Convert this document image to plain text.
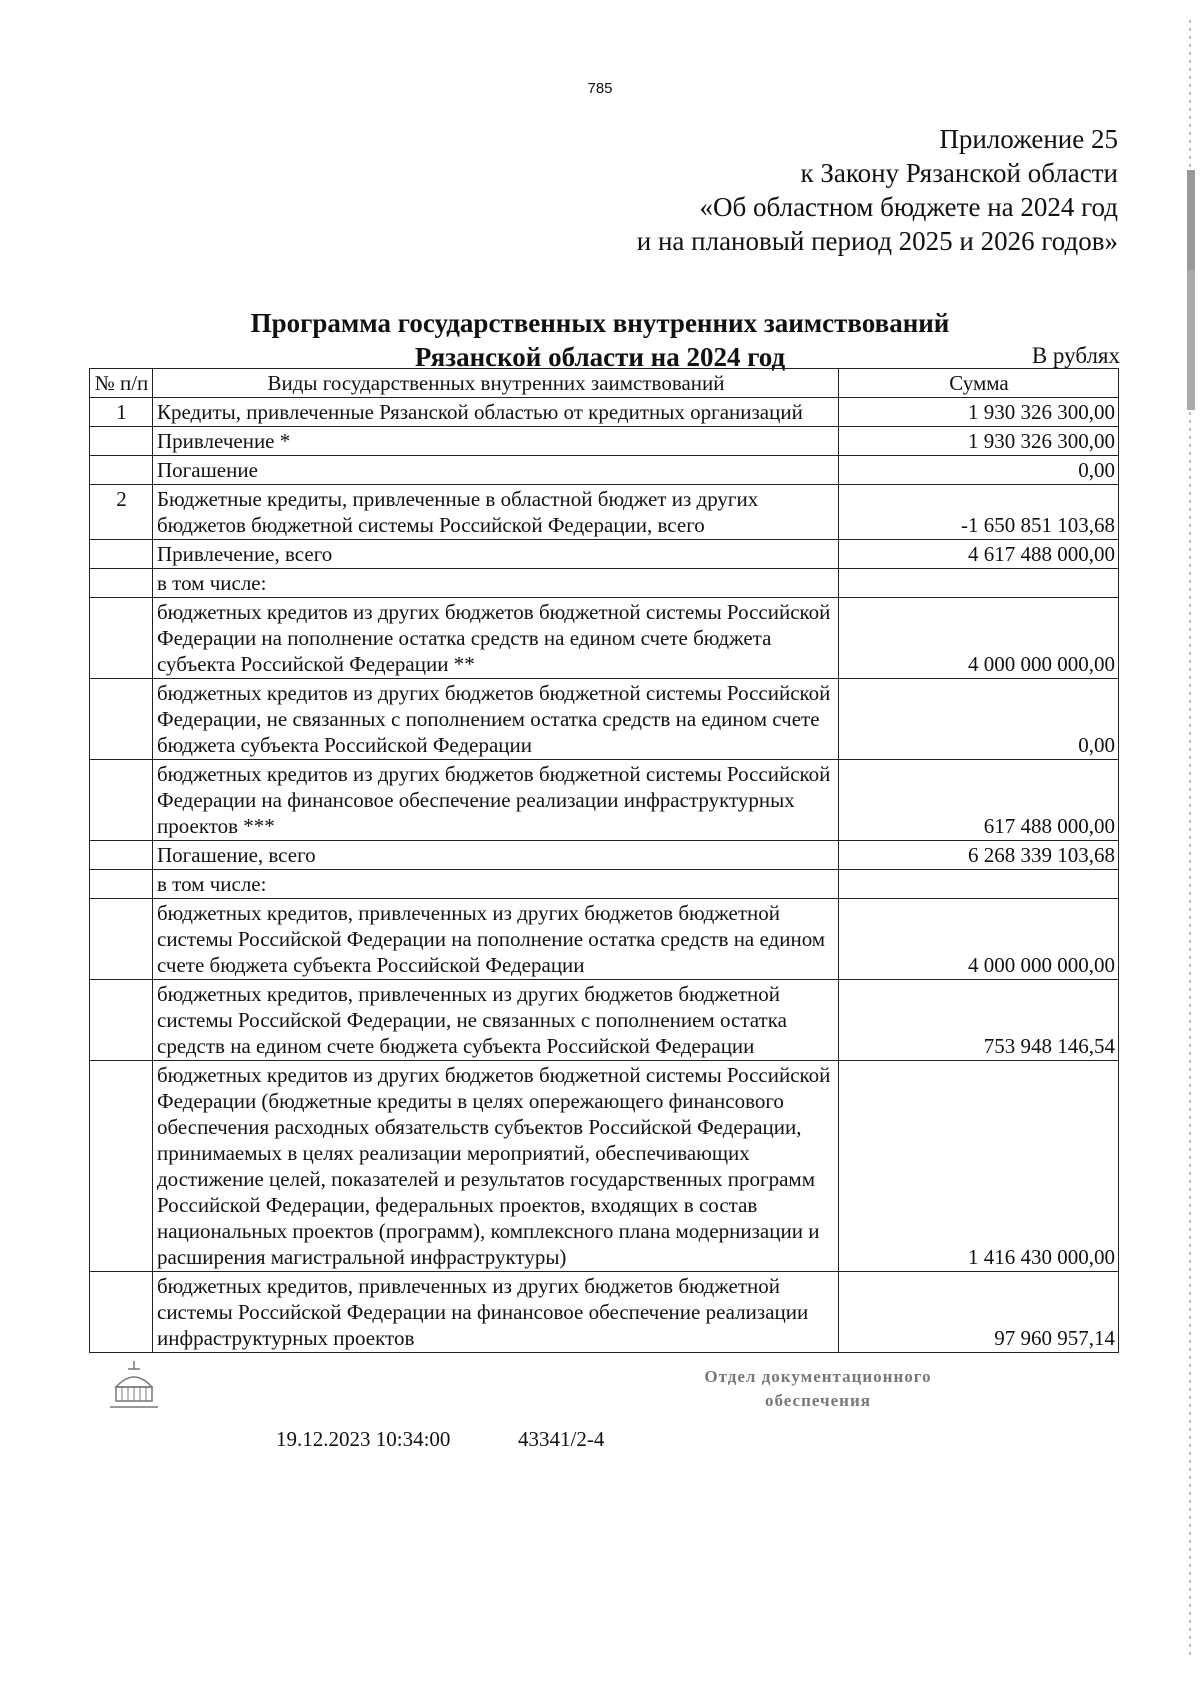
785
Приложение 25
к Закону Рязанской области
«Об областном бюджете на 2024 год
и на плановый период 2025 и 2026 годов»
Программа государственных внутренних заимствований
Рязанской области на 2024 год	В рублях
№ п/п	Виды государственных внутренних заимствований	Сумма
1	Кредиты, привлеченные Рязанской областью от кредитных организаций	1 930 326 300,00
	Привлечение *	1 930 326 300,00
	Погашение	0,00
2	Бюджетные кредиты, привлеченные в областной бюджет из других бюджетов бюджетной системы Российской Федерации, всего	-1 650 851 103,68
	Привлечение, всего	4 617 488 000,00
	в том числе:	
	бюджетных кредитов из других бюджетов бюджетной системы Российской Федерации на пополнение остатка средств на едином счете бюджета субъекта Российской Федерации **	4 000 000 000,00
	бюджетных кредитов из других бюджетов бюджетной системы Российской Федерации, не связанных с пополнением остатка средств на едином счете бюджета субъекта Российской Федерации	0,00
	бюджетных кредитов из других бюджетов бюджетной системы Российской Федерации на финансовое обеспечение реализации инфраструктурных проектов ***	617 488 000,00
	Погашение, всего	6 268 339 103,68
	в том числе:	
	бюджетных кредитов, привлеченных из других бюджетов бюджетной системы Российской Федерации на пополнение остатка средств на едином счете бюджета субъекта Российской Федерации	4 000 000 000,00
	бюджетных кредитов, привлеченных из других бюджетов бюджетной системы Российской Федерации, не связанных с пополнением остатка средств на едином счете бюджета субъекта Российской Федерации	753 948 146,54
	бюджетных кредитов из других бюджетов бюджетной системы Российской Федерации (бюджетные кредиты в целях опережающего финансового обеспечения расходных обязательств субъектов Российской Федерации, принимаемых в целях реализации мероприятий, обеспечивающих достижение целей, показателей и результатов государственных программ Российской Федерации, федеральных проектов, входящих в состав национальных проектов (программ), комплексного плана модернизации и расширения магистральной инфраструктуры)	1 416 430 000,00
	бюджетных кредитов, привлеченных из других бюджетов бюджетной системы Российской Федерации на финансовое обеспечение реализации инфраструктурных проектов	97 960 957,14
19.12.2023 10:34:00	43341/2-4
Отдел документационного
обеспечения
